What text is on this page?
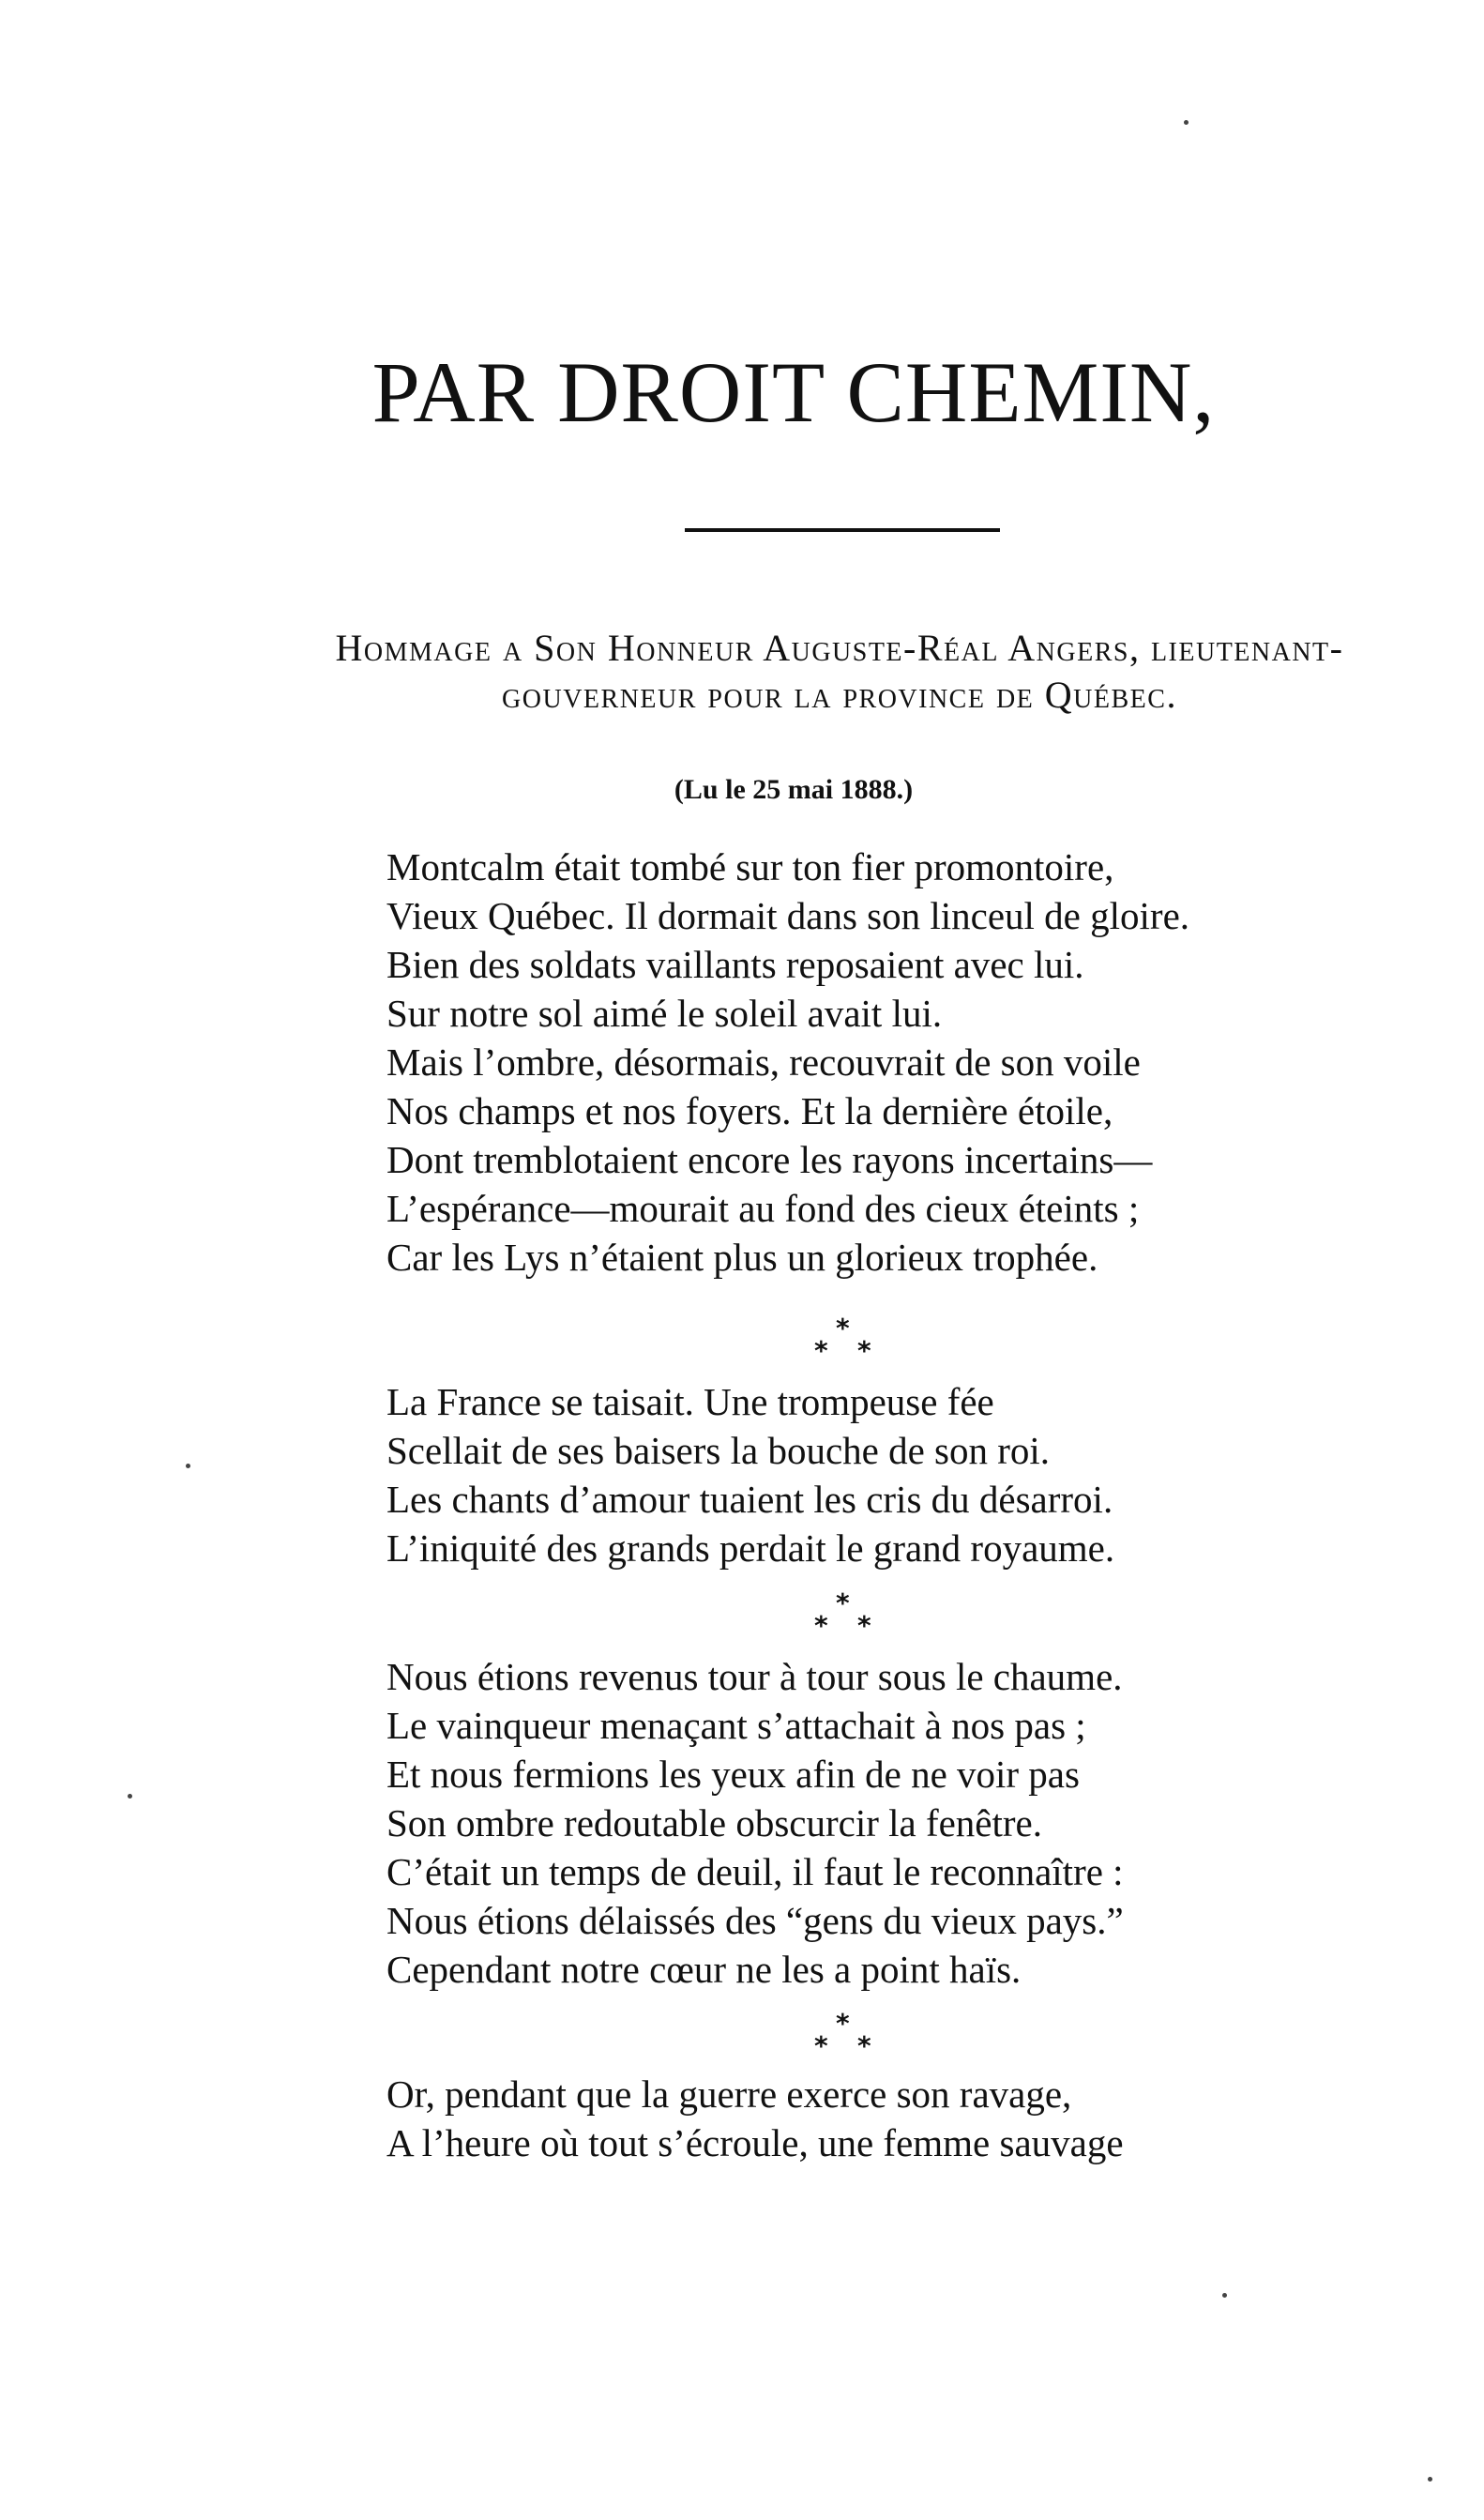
PAR DROIT CHEMIN,
Hommage a Son Honneur Auguste-Réal Angers, lieutenant-
gouverneur pour la province de Québec.
(Lu le 25 mai 1888.)
Montcalm était tombé sur ton fier promontoire,
Vieux Québec. Il dormait dans son linceul de gloire.
Bien des soldats vaillants reposaient avec lui.
Sur notre sol aimé le soleil avait lui.
Mais l’ombre, désormais, recouvrait de son voile
Nos champs et nos foyers. Et la dernière étoile,
Dont tremblotaient encore les rayons incertains—
L’espérance—mourait au fond des cieux éteints ;
Car les Lys n’étaient plus un glorieux trophée.
*
* *
La France se taisait. Une trompeuse fée
Scellait de ses baisers la bouche de son roi.
Les chants d’amour tuaient les cris du désarroi.
L’iniquité des grands perdait le grand royaume.
*
* *
Nous étions revenus tour à tour sous le chaume.
Le vainqueur menaçant s’attachait à nos pas ;
Et nous fermions les yeux afin de ne voir pas
Son ombre redoutable obscurcir la fenêtre.
C’était un temps de deuil, il faut le reconnaître :
Nous étions délaissés des “gens du vieux pays.”
Cependant notre cœur ne les a point haïs.
*
* *
Or, pendant que la guerre exerce son ravage,
A l’heure où tout s’écroule, une femme sauvage
